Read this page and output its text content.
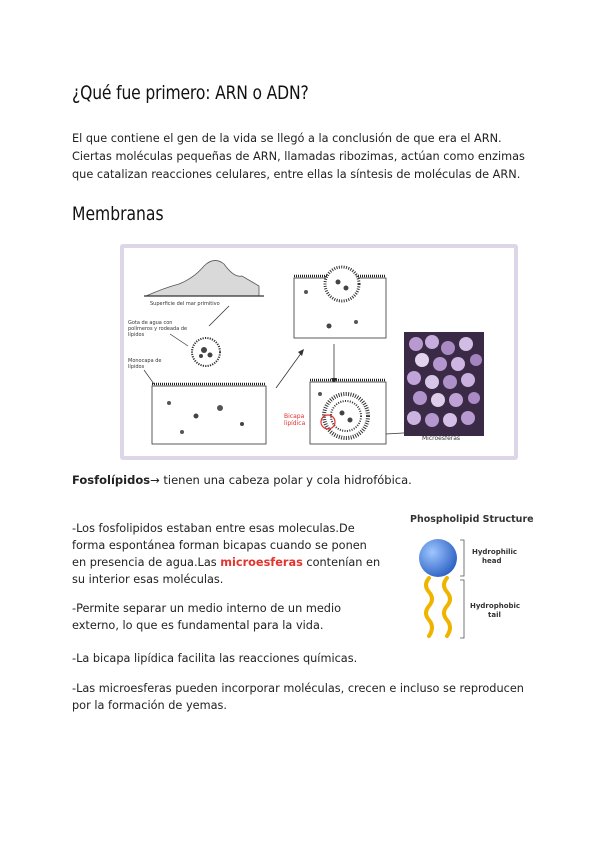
¿Qué fue primero: ARN o ADN?

El que contiene el gen de la vida se llegó a la conclusión de que era el ARN. Ciertas moléculas pequeñas de ARN, llamadas ribozimas, actúan como enzimas que catalizan reacciones celulares, entre ellas la síntesis de moléculas de ARN.

Membranas
Superficie del mar primitivo
Gota de agua con
polímeros y rodeada de
lípidos
Monocapa de
lípidos
Bicapa
lipídica
Microesferas

Fosfolípidos→ tienen una cabeza polar y cola hidrofóbica.

-Los fosfolipidos estaban entre esas moleculas.De forma espontánea forman bicapas cuando se ponen en presencia de agua.Las microesferas contenían en su interior esas moléculas.

-Permite separar un medio interno de un medio externo, lo que es fundamental para la vida.

-La bicapa lipídica facilita las reacciones químicas.

-Las microesferas pueden incorporar moléculas, crecen e incluso se reproducen por la formación de yemas.

Phospholipid Structure
Hydrophilic
head
Hydrophobic
tail
